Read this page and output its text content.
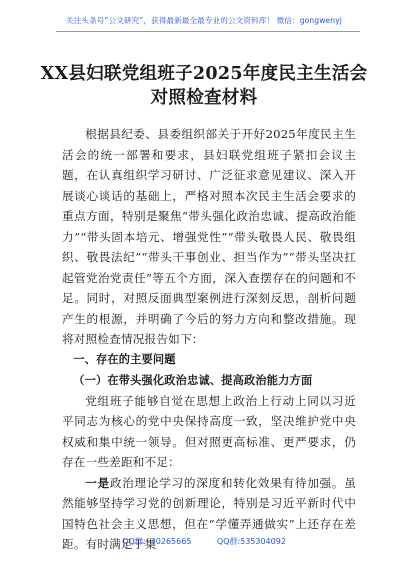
关注头条号“公文研究”，获得最新最全最专业的公文资料库！ 微信：gongwenyj
XX县妇联党组班子2025年度民主生活会
对照检查材料

根据县纪委、县委组织部关于开好2025年度民主生活会的统一部署和要求，县妇联党组班子紧扣会议主题，在认真组织学习研讨、广泛征求意见建议、深入开展谈心谈话的基础上，严格对照本次民主生活会要求的重点方面，特别是聚焦“带头强化政治忠诚、提高政治能力”“带头固本培元、增强党性”“带头敬畏人民、敬畏组织、敬畏法纪”“带头干事创业、担当作为”“带头坚决扛起管党治党责任”等五个方面，深入查摆存在的问题和不足。同时，对照反面典型案例进行深刻反思，剖析问题产生的根源，并明确了今后的努力方向和整改措施。现将对照检查情况报告如下：

一、存在的主要问题

（一）在带头强化政治忠诚、提高政治能力方面

党组班子能够自觉在思想上政治上行动上同以习近平同志为核心的党中央保持高度一致，坚决维护党中央权威和集中统一领导。但对照更高标准、更严要求，仍存在一些差距和不足：

一是政治理论学习的深度和转化效果有待加强。虽然能够坚持学习党的创新理论，特别是习近平新时代中国特色社会主义思想，但在“学懂弄通做实”上还存在差距。有时满足于集

QQ群：30265665          QQ群:535304092
